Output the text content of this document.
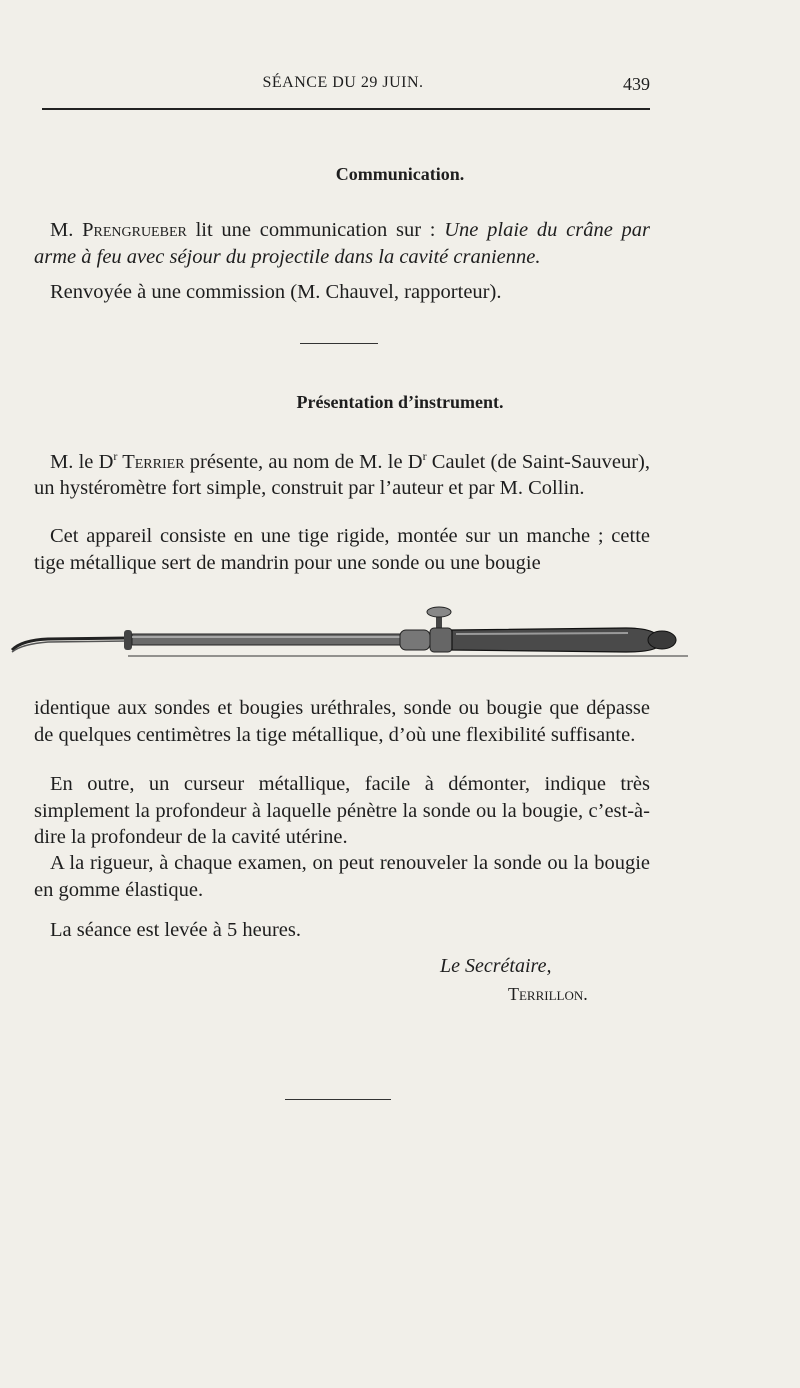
SÉANCE DU 29 JUIN.	439
Communication.
M. Prengrueber lit une communication sur : Une plaie du crâne par arme à feu avec séjour du projectile dans la cavité cranienne.
Renvoyée à une commission (M. Chauvel, rapporteur).
Présentation d’instrument.
M. le $D^r$ Terrier présente, au nom de M. le $D^r$ Caulet (de Saint-Sauveur), un hystéromètre fort simple, construit par l’auteur et par M. Collin.
Cet appareil consiste en une tige rigide, montée sur un manche ; cette tige métallique sert de mandrin pour une sonde ou une bougie
identique aux sondes et bougies uréthrales, sonde ou bougie que dépasse de quelques centimètres la tige métallique, d’où une flexibilité suffisante.
En outre, un curseur métallique, facile à démonter, indique très simplement la profondeur à laquelle pénètre la sonde ou la bougie, c’est-à-dire la profondeur de la cavité utérine.
A la rigueur, à chaque examen, on peut renouveler la sonde ou la bougie en gomme élastique.
La séance est levée à 5 heures.
Le Secrétaire,
Terrillon.
